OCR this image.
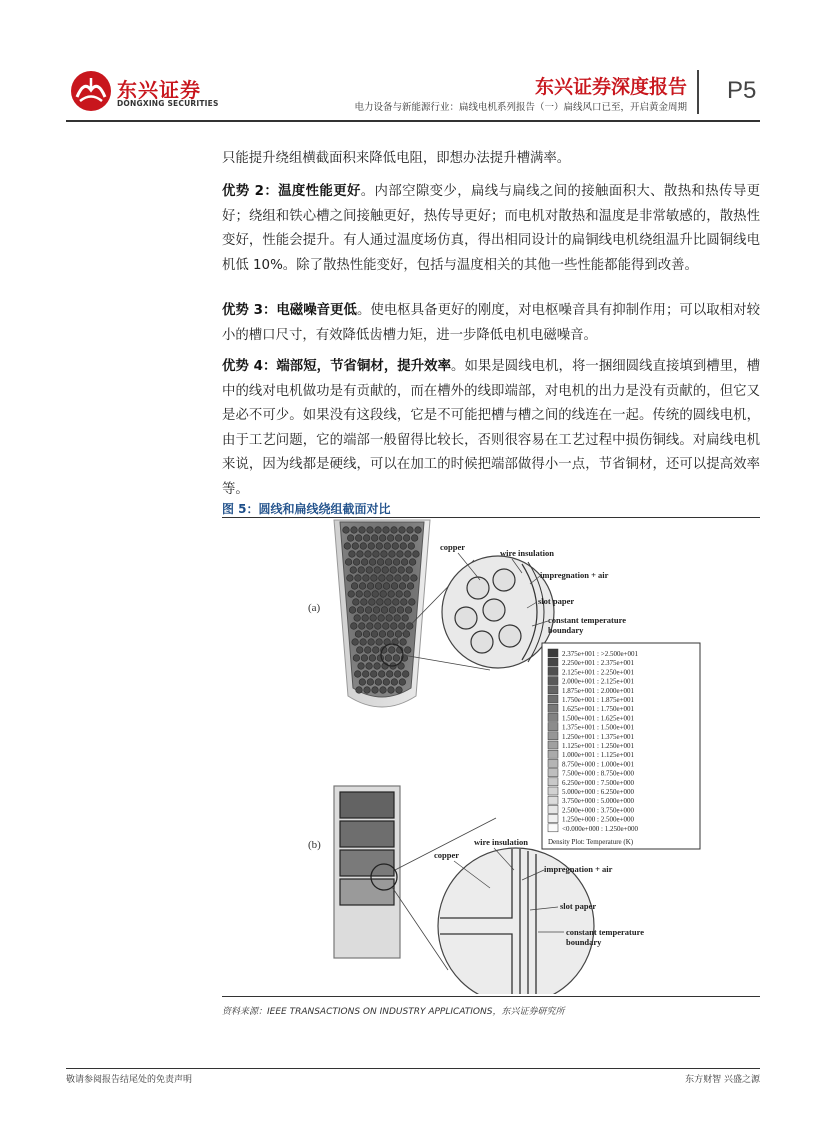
东兴证券
DONGXING SECURITIES
东兴证券深度报告
电力设备与新能源行业：扁线电机系列报告（一）扁线风口已至，开启黄金周期
P5

只能提升绕组横截面积来降低电阻，即想办法提升槽满率。

优势 2：温度性能更好。内部空隙变少，扁线与扁线之间的接触面积大、散热和热传导更好；绕组和铁心槽之间接触更好，热传导更好；而电机对散热和温度是非常敏感的，散热性变好，性能会提升。有人通过温度场仿真，得出相同设计的扁铜线电机绕组温升比圆铜线电机低 10%。除了散热性能变好，包括与温度相关的其他一些性能都能得到改善。

优势 3：电磁噪音更低。使电枢具备更好的刚度，对电枢噪音具有抑制作用；可以取相对较小的槽口尺寸，有效降低齿槽力矩，进一步降低电机电磁噪音。

优势 4：端部短，节省铜材，提升效率。如果是圆线电机，将一捆细圆线直接填到槽里，槽中的线对电机做功是有贡献的，而在槽外的线即端部，对电机的出力是没有贡献的，但它又是必不可少。如果没有这段线，它是不可能把槽与槽之间的线连在一起。传统的圆线电机，由于工艺问题，它的端部一般留得比较长，否则很容易在工艺过程中损伤铜线。对扁线电机来说，因为线都是硬线，可以在加工的时候把端部做得小一点，节省铜材，还可以提高效率等。

图 5：圆线和扁线绕组截面对比
(a)
copper
wire insulation
impregnation + air
slot paper
constant temperature
boundary
2.375e+001 : >2.500e+001
2.250e+001 : 2.375e+001
2.125e+001 : 2.250e+001
2.000e+001 : 2.125e+001
1.875e+001 : 2.000e+001
1.750e+001 : 1.875e+001
1.625e+001 : 1.750e+001
1.500e+001 : 1.625e+001
1.375e+001 : 1.500e+001
1.250e+001 : 1.375e+001
1.125e+001 : 1.250e+001
1.000e+001 : 1.125e+001
8.750e+000 : 1.000e+001
7.500e+000 : 8.750e+000
6.250e+000 : 7.500e+000
5.000e+000 : 6.250e+000
3.750e+000 : 5.000e+000
2.500e+000 : 3.750e+000
1.250e+000 : 2.500e+000
<0.000e+000 : 1.250e+000
Density Plot: Temperature (K)
(b)
copper
wire insulation
impregnation + air
slot paper
constant temperature
boundary
资料来源：IEEE TRANSACTIONS ON INDUSTRY APPLICATIONS，东兴证券研究所
敬请参阅报告结尾处的免责声明	东方财智 兴盛之源
